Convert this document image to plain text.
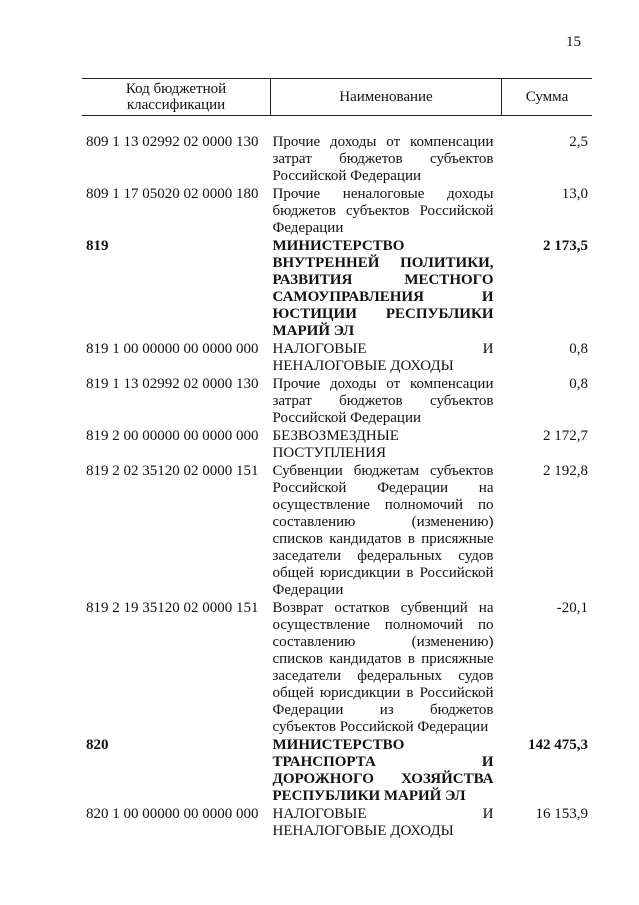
15
Код бюджетной классификации	Наименование	Сумма

809 1 13 02992 02 0000 130	Прочие доходы от компенсации затрат бюджетов субъектов Российской Федерации	2,5
809 1 17 05020 02 0000 180	Прочие неналоговые доходы бюджетов субъектов Российской Федерации	13,0
819	МИНИСТЕРСТВО ВНУТРЕННЕЙ ПОЛИТИКИ, РАЗВИТИЯ МЕСТНОГО САМОУПРАВЛЕНИЯ И ЮСТИЦИИ РЕСПУБЛИКИ МАРИЙ ЭЛ	2 173,5
819 1 00 00000 00 0000 000	НАЛОГОВЫЕ И НЕНАЛОГОВЫЕ ДОХОДЫ	0,8
819 1 13 02992 02 0000 130	Прочие доходы от компенсации затрат бюджетов субъектов Российской Федерации	0,8
819 2 00 00000 00 0000 000	БЕЗВОЗМЕЗДНЫЕ ПОСТУПЛЕНИЯ	2 172,7
819 2 02 35120 02 0000 151	Субвенции бюджетам субъектов Российской Федерации на осуществление полномочий по составлению (изменению) списков кандидатов в присяжные заседатели федеральных судов общей юрисдикции в Российской Федерации	2 192,8
819 2 19 35120 02 0000 151	Возврат остатков субвенций на осуществление полномочий по составлению (изменению) списков кандидатов в присяжные заседатели федеральных судов общей юрисдикции в Российской Федерации из бюджетов субъектов Российской Федерации	-20,1
820	МИНИСТЕРСТВО ТРАНСПОРТА И ДОРОЖНОГО ХОЗЯЙСТВА РЕСПУБЛИКИ МАРИЙ ЭЛ	142 475,3
820 1 00 00000 00 0000 000	НАЛОГОВЫЕ И НЕНАЛОГОВЫЕ ДОХОДЫ	16 153,9
